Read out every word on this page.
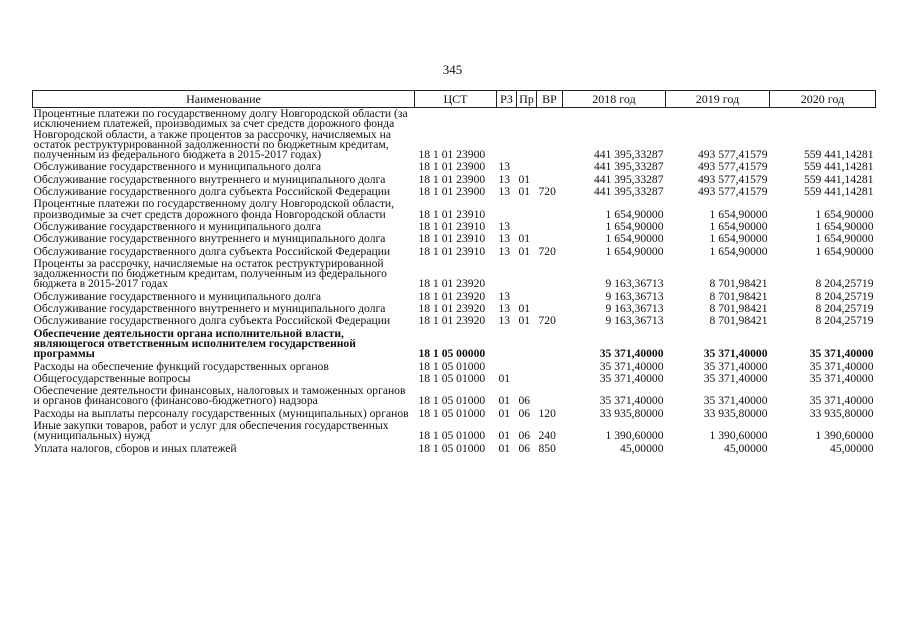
345
Наименование	ЦСТ	РЗ	Пр	ВР	2018 год	2019 год	2020 год
Процентные платежи по государственному долгу Новгородской области (за исключением платежей, производимых за счет средств дорожного фонда Новгородской области, а также процентов за рассрочку, начисляемых на остаток реструктурированной задолженности по бюджетным кредитам, полученным из федерального бюджета в 2015-2017 годах)	18 1 01 23900				441 395,33287	493 577,41579	559 441,14281
Обслуживание государственного и муниципального долга	18 1 01 23900	13			441 395,33287	493 577,41579	559 441,14281
Обслуживание государственного внутреннего и муниципального долга	18 1 01 23900	13	01		441 395,33287	493 577,41579	559 441,14281
Обслуживание государственного долга субъекта Российской Федерации	18 1 01 23900	13	01	720	441 395,33287	493 577,41579	559 441,14281
Процентные платежи по государственному долгу Новгородской области, производимые за счет средств дорожного фонда Новгородской области	18 1 01 23910				1 654,90000	1 654,90000	1 654,90000
Обслуживание государственного и муниципального долга	18 1 01 23910	13			1 654,90000	1 654,90000	1 654,90000
Обслуживание государственного внутреннего и муниципального долга	18 1 01 23910	13	01		1 654,90000	1 654,90000	1 654,90000
Обслуживание государственного долга субъекта Российской Федерации	18 1 01 23910	13	01	720	1 654,90000	1 654,90000	1 654,90000
Проценты за рассрочку, начисляемые на остаток реструктурированной задолженности по бюджетным кредитам, полученным из федерального бюджета в 2015-2017 годах	18 1 01 23920				9 163,36713	8 701,98421	8 204,25719
Обслуживание государственного и муниципального долга	18 1 01 23920	13			9 163,36713	8 701,98421	8 204,25719
Обслуживание государственного внутреннего и муниципального долга	18 1 01 23920	13	01		9 163,36713	8 701,98421	8 204,25719
Обслуживание государственного долга субъекта Российской Федерации	18 1 01 23920	13	01	720	9 163,36713	8 701,98421	8 204,25719
Обеспечение деятельности органа исполнительной власти, являющегося ответственным исполнителем государственной программы	18 1 05 00000				35 371,40000	35 371,40000	35 371,40000
Расходы на обеспечение функций государственных органов	18 1 05 01000				35 371,40000	35 371,40000	35 371,40000
Общегосударственные вопросы	18 1 05 01000	01			35 371,40000	35 371,40000	35 371,40000
Обеспечение деятельности финансовых, налоговых и таможенных органов и органов финансового (финансово-бюджетного) надзора	18 1 05 01000	01	06		35 371,40000	35 371,40000	35 371,40000
Расходы на выплаты персоналу государственных (муниципальных) органов	18 1 05 01000	01	06	120	33 935,80000	33 935,80000	33 935,80000
Иные закупки товаров, работ и услуг для обеспечения государственных (муниципальных) нужд	18 1 05 01000	01	06	240	1 390,60000	1 390,60000	1 390,60000
Уплата налогов, сборов и иных платежей	18 1 05 01000	01	06	850	45,00000	45,00000	45,00000
